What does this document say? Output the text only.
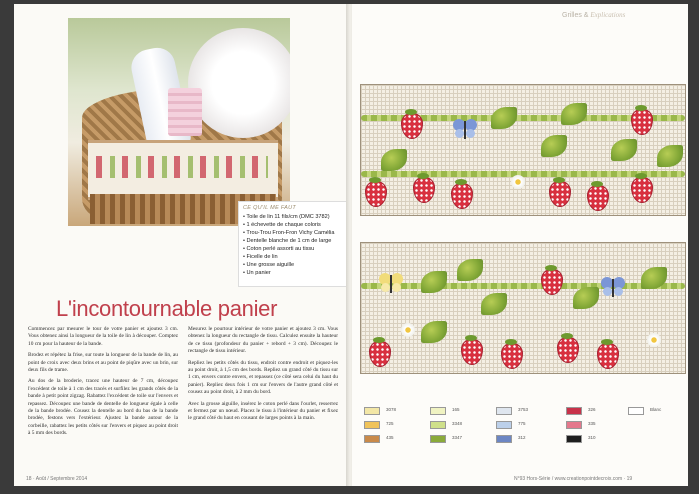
CE QU'IL ME FAUT
• Toile de lin 11 fils/cm (DMC 3782)
• 1 échevette de chaque coloris
• Trou-Trou Fron-Fron Vichy Camélia
• Dentelle blanche de 1 cm de large
• Coton perlé assorti au tissu
• Ficelle de lin
• Une grosse aiguille
• Un panier
L'incontournable panier

Commencez par mesurer le tour de votre panier et ajoutez 3 cm. Vous obtenez ainsi la longueur de la toile de lin à découper. Comptez 10 cm pour la hauteur de la bande.

Brodez et répétez la frise, sur toute la longueur de la bande de lin, au point de croix avec deux brins et au point de piqûre avec un brin, sur deux fils de trame.

Au dos de la broderie, tracez une hauteur de 7 cm, découpez l'excédent de toile à 1 cm des tracés et surfilez les grands côtés de la bande à petit point zigzag. Rabattez l'excédent de toile sur l'envers et repassez. Découpez une bande de dentelle de longueur égale à celle de la bande brodée. Cousez la dentelle au bord du bas de la bande brodée, festons vers l'extérieur. Ajustez la bande autour de la corbeille, rabattez les petits côtés sur l'envers et piquez au point droit à 5 mm des bords.

Mesurez le pourtour intérieur de votre panier et ajoutez 3 cm. Vous obtenez la longueur du rectangle de tissu. Calculez ensuite la hauteur de ce tissu (profondeur du panier + rebord + 3 cm). Découpez le rectangle de tissu intérieur.

Repliez les petits côtés du tissu, endroit contre endroit et piquez-les au point droit, à 1,5 cm des bords. Repliez un grand côté du tissu sur 1 cm, envers contre envers, et repassez (ce côté sera celui du haut du panier). Repliez deux fois 1 cm sur l'envers de l'autre grand côté et cousez au point droit, à 2 mm du bord.

Avec la grosse aiguille, insérez le coton perlé dans l'ourlet, resserrez et fermez par un nœud. Placez le tissu à l'intérieur du panier et fixez le grand côté du haut en cousant de larges points à la main.

18 · Août / Septembre 2014
Grilles & Explications
3078	165	3753	326	Blanc
725	3348	775	335
435	3347	312	310
N°93 Hors-Série / www.creationpointdecroix.com · 19
